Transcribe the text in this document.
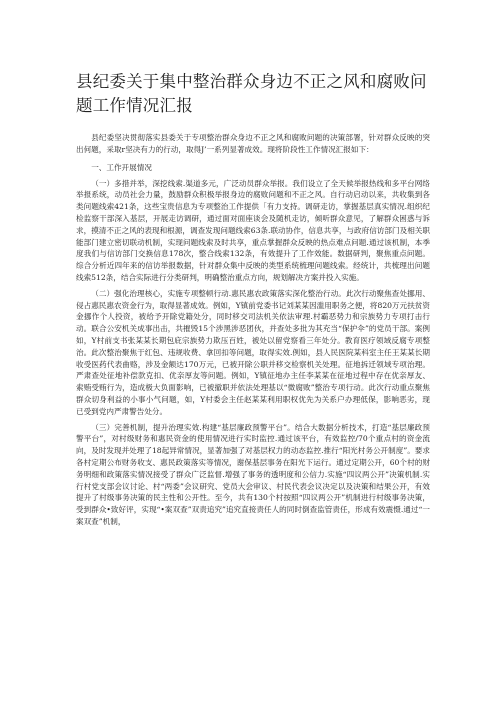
县纪委关于集中整治群众身边不正之风和腐败问题工作情况汇报

县纪委坚决贯彻落实县委关于专项整治群众身边不正之风和腐败问题的决策部署，针对群众反映的突出何题，采取r坚决有力的行动，取得J’一系列显著成效。现将阶段性工作情况汇报如下：

一、工作开展情况

（一）多措并举，深挖线索.渠道多元，广泛动员群众举报。我们设立了全天候举报热线和多平台网络举报系统，动员社会力量，鼓励群众积极举报身边的腐败问题和不正之风。自行动启动以来，共收集到各类问题线索421条，这些宝贵信息为专项整治工作提供「有力支持。调研走访，掌握基层真实情况.组织纪检监察干部深入基层，开展走访调研，通过面对面座谈会及随机走访，倾听群众意见，了解群众困惑与诉求，摸清不正之风的表现和根源，调查发现问题线索63条.联动协作，信息共享，与政府信访部门及相关职能部门建立密切联动机制，实现问题线索及时共享，重点掌握群众反映的热点难点问题.通过该机制，本季度我们与信访部门交换信息178次，整合线索132条，有效提升了工作效能。数据研判，聚焦重点问题。综合分析近四年来的信访举报数据，针对群众集中反映的类型系统梳理问题线索。经统计，共梳理出问题线索512条，结合实际进行分类研判，明确整治重点方向，规划解决方案并投入实施。

（二）强化治理核心，实施专项整顿行动.惠民惠农政策落实深化整治行动。此次行动聚焦查处挪用、侵占惠民惠农资金行为，取得显著成效。例如，Y镇前党委书记刘某某因滥用职务之便，将820万元扶贫资金挪作个人投资，被给予开除党籍处分，同时移交司法机关依法审理.村霸恶势力和宗族势力专项打击行动。联合公安机关成事出击，共摧毁15个涉黑涉恶团伙，并查处多批为其充当“保护伞”的党员干部。案例如，Y村前支书张某某长期包庇宗族势力欺压百姓，被处以留党察看三年处分。教育医疗领域反腐专项整治。此次整治聚焦于红包、违规收费、拿回扣等问题，取得实效.例如，县人民医院某科室主任王某某长期收受医药代表曲赂，涉及金额达170万元，已被开除公职并移交检察机关处理。征地拆迁领域专项治理。严肃查处征地补偿款克扣、优亲厚友等问题。例如，Y镇征地办主任李某某在征地过程中存在优亲厚友、索贿受贿行为，造成极大负面影响，已被撤职并依法处理基以“微腐败”整治专项行动。此次行动重点聚焦群众切身利益的小事小气问题，如，Y村委会主任赵某某利用职权优先为关系户办理低保，影响恶劣，现已受到党内严肃警告处分。

（三）完善机制，提升治理实效.构建“基层廉政预警平台”。结合大数据分析技术，打造“基层廉政预警平台”，对村级财务和惠民资金的使用情况进行实时监控.通过该平台，有效监控/70个重点村的资金流向，及时发现并处理了18起异常情况，显著加强了对基层权力的动态监控.推行“阳光村务公开制度”。要求各村定期公布财务收支、惠民政策落实等情况，谢保基层事务在阳光下运行。通过定期公开，60个村的财务明细和政策落实情况接受了群众广泛监督.增强了事务的透明度和公信力.实施“四议两公开”决策机制.实行村党支部会议讨论、村“两委”会议研究、党员大会审议、村民代表会议决定以及决策和结果公开，有效提升了村级事务决策的民主性和公开性。至今，共有130个村按照“四议两公开”机制进行村级事务决策，受到群众•致好评，实现“•案双查”双责追究”追究直接责任人的同时倒查监管责任，形成有效震慑.通过“一案双查”机制，
